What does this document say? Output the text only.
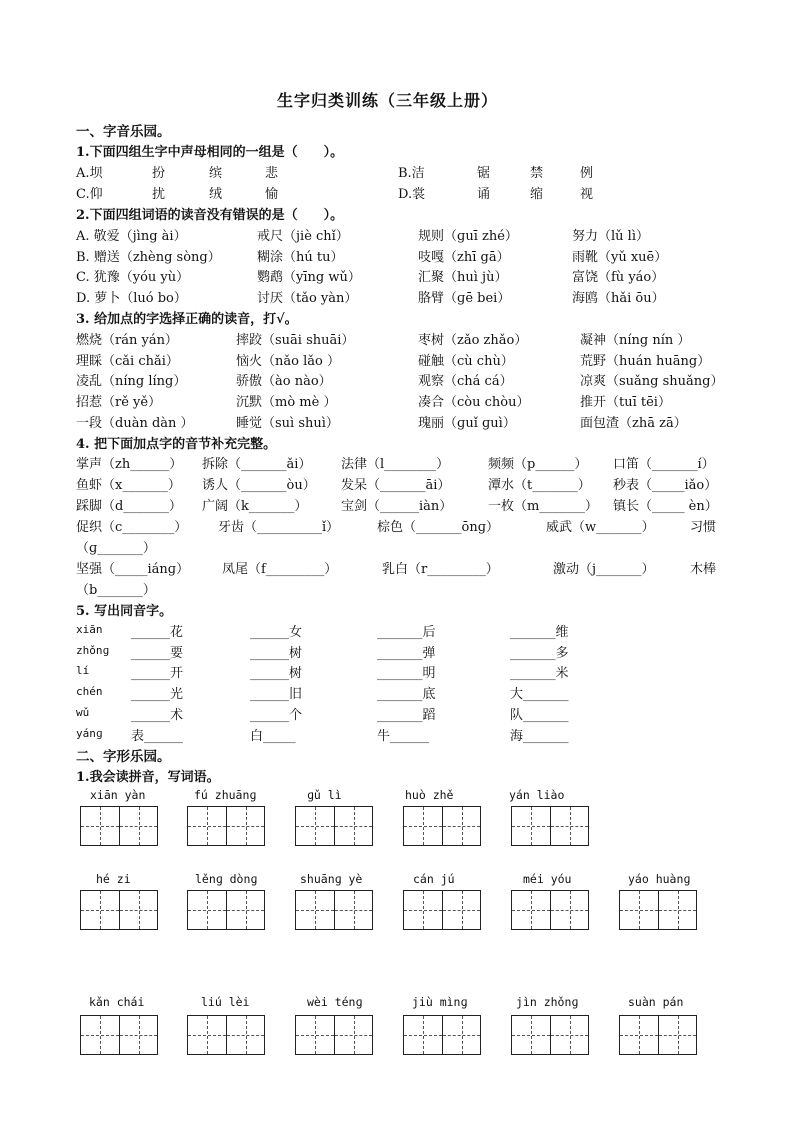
生字归类训练（三年级上册）
一、字音乐园。
1.下面四组生字中声母相同的一组是（　　）。
A.坝	扮	缤	悲	B.洁	锯	禁	例
C.仰	扰	绒	愉	D.裳	诵	缩	视
2.下面四组词语的读音没有错误的是（　　）。
A. 敬爱（jìng ài）	戒尺（jiè chǐ）	规则（ɡuī zhé）	努力（lǔ lì）
B. 赠送（zhèng sòng）	糊涂（hú tu）	吱嘎（zhī gā）	雨靴（yǔ xuē）
C. 犹豫（yóu yù）	鹦鹉（yīng wǔ）	汇聚（huì jù）	富饶（fù yáo）
D. 萝卜（luó bo）	讨厌（tǎo yàn）	胳臂（ɡē bei）	海鸥（hǎi ōu）
3. 给加点的字选择正确的读音，打√。
燃烧（rán yán）	摔跤（suāi shuāi）	枣树（zǎo zhǎo）	凝神（níng nín ）
理睬（cǎi chǎi）	恼火（nǎo lǎo ）	碰触（cù chù）	荒野（huán huāng）
凌乱（níng líng）	骄傲（ào nào）	观察（chá cá）	凉爽（suǎng shuǎng）
招惹（rě yě）	沉默（mò mè ）	凑合（còu chòu）	推开（tuī tēi）
一段（duàn dàn ）	睡觉（suì shuì）	瑰丽（ɡuǐ ɡuì）	面包渣（zhā zā）
4. 把下面加点字的音节补充完整。
掌声（zh______） 拆除（_______ǎi） 法律（l________）	频频（p______） 口笛（_______í）
鱼虾（x_______） 诱人（_______òu） 发呆（_______āi）	潭水（t_______） 秒表（_____iǎo）
踩脚（d_______） 广阔（k_______）	宝剑（______iàn）	一枚（m_______） 镇长（_____ èn）
促织（c________） 牙齿（__________ǐ）	棕色（_______ōnɡ）	威武（w_______）	习惯
（ɡ_______）
坚强（_____iánɡ）	凤尾（f_________）	乳白（r_________）	激动（j_______）	木棒
（b_______）
5. 写出同音字。
xiān ______花	______女	_______后	_______维
zhǒnɡ ______要	______树	_______弹	_______多
lí	______开	______树	_______明	_______米
chén ______光	______旧	_______底	大_______
wǔ	______术	______个	_______蹈	队_______
yánɡ 表______	白_____	牛______	海_______
二、字形乐园。
1.我会读拼音，写词语。
xiān yàn	fú zhuānɡ	ɡǔ lì	huò zhě	yán liào
hé zi	lěnɡ dònɡ	shuānɡ yè	cán jú	méi yóu	yáo huànɡ
kǎn chái	liú lèi	wèi ténɡ	jiù mìnɡ	jìn zhǒnɡ	suàn pán
